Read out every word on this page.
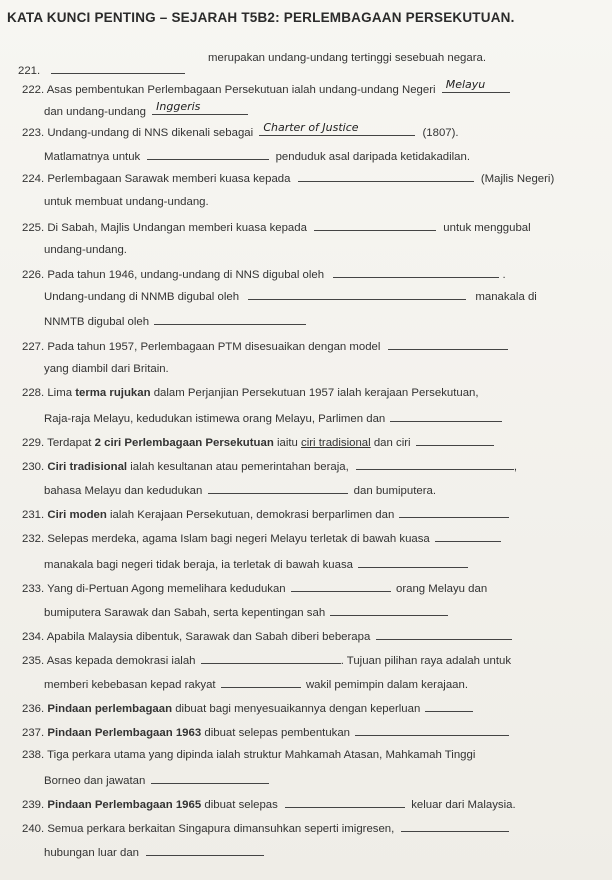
KATA KUNCI PENTING – SEJARAH T5B2: PERLEMBAGAAN PERSEKUTUAN.
221.
merupakan undang-undang tertinggi sesebuah negara.
222. Asas pembentukan Perlembagaan Persekutuan ialah undang-undang Negeri Melayu
dan undang-undang Inggeris
223. Undang-undang di NNS dikenali sebagai Charter of Justice	(1807).
Matlamatnya untuk	penduduk asal daripada ketidakadilan.
224. Perlembagaan Sarawak memberi kuasa kepada	(Majlis Negeri)
untuk membuat undang-undang.
225. Di Sabah, Majlis Undangan memberi kuasa kepada	untuk menggubal
undang-undang.
226. Pada tahun 1946, undang-undang di NNS digubal oleh	.
Undang-undang di NNMB digubal oleh	manakala di
NNMTB digubal oleh
227. Pada tahun 1957, Perlembagaan PTM disesuaikan dengan model
yang diambil dari Britain.
228. Lima terma rujukan dalam Perjanjian Persekutuan 1957 ialah kerajaan Persekutuan,
Raja-raja Melayu, kedudukan istimewa orang Melayu, Parlimen dan
229. Terdapat 2 ciri Perlembagaan Persekutuan iaitu ciri tradisional dan ciri
230. Ciri tradisional ialah kesultanan atau pemerintahan beraja,	,
bahasa Melayu dan kedudukan	dan bumiputera.
231. Ciri moden ialah Kerajaan Persekutuan, demokrasi berparlimen dan
232. Selepas merdeka, agama Islam bagi negeri Melayu terletak di bawah kuasa
manakala bagi negeri tidak beraja, ia terletak di bawah kuasa
233. Yang di-Pertuan Agong memelihara kedudukan	orang Melayu dan
bumiputera Sarawak dan Sabah, serta kepentingan sah
234. Apabila Malaysia dibentuk, Sarawak dan Sabah diberi beberapa
235. Asas kepada demokrasi ialah	. Tujuan pilihan raya adalah untuk
memberi kebebasan kepad rakyat	wakil pemimpin dalam kerajaan.
236. Pindaan perlembagaan dibuat bagi menyesuaikannya dengan keperluan
237. Pindaan Perlembagaan 1963 dibuat selepas pembentukan
238. Tiga perkara utama yang dipinda ialah struktur Mahkamah Atasan, Mahkamah Tinggi
Borneo dan jawatan
239. Pindaan Perlembagaan 1965 dibuat selepas	keluar dari Malaysia.
240. Semua perkara berkaitan Singapura dimansuhkan seperti imigresen,
hubungan luar dan
